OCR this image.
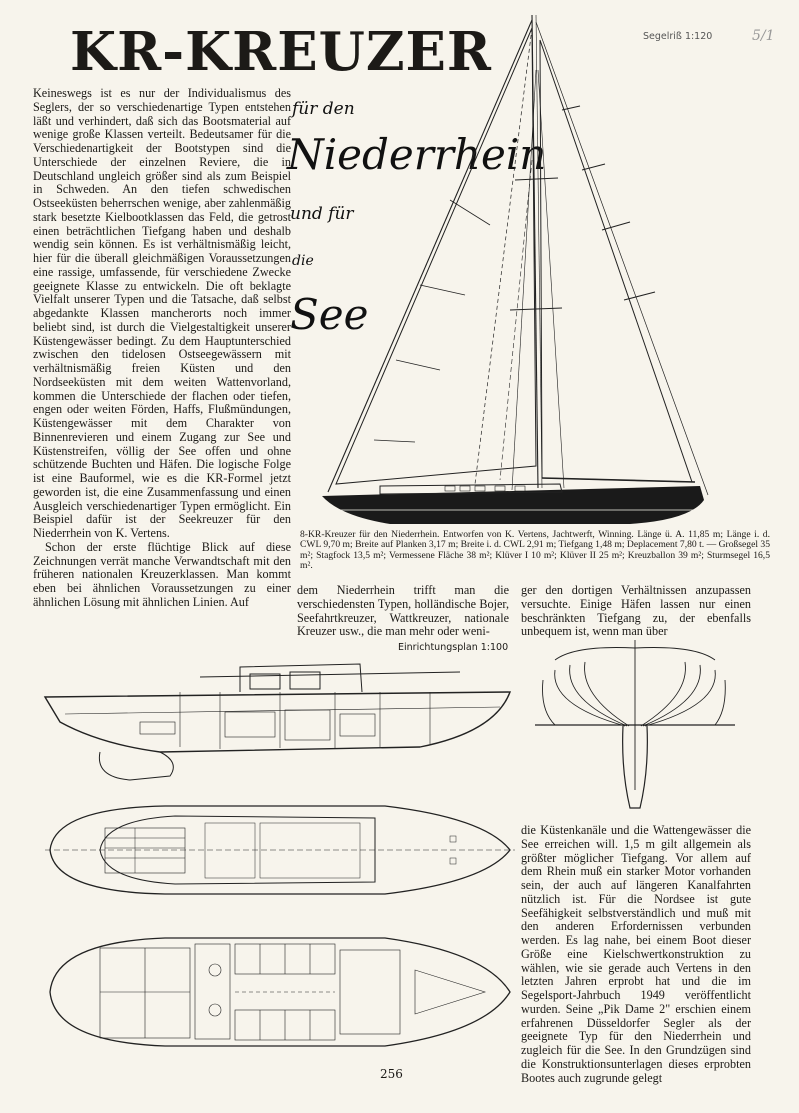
KR-KREUZER	Segelriß 1:120	5/1

Keineswegs ist es nur der Individualismus des Seglers, der so verschiedenartige Typen entstehen läßt und verhindert, daß sich das Bootsmaterial auf wenige große Klassen verteilt. Bedeutsamer für die Verschiedenartigkeit der Bootstypen sind die Unterschiede der einzelnen Reviere, die in Deutschland ungleich größer sind als zum Beispiel in Schweden. An den tiefen schwedischen Ostseeküsten beherrschen wenige, aber zahlenmäßig stark besetzte Kielbootklassen das Feld, die getrost einen beträchtlichen Tiefgang haben und deshalb wendig sein können. Es ist verhältnismäßig leicht, hier für die überall gleichmäßigen Voraussetzungen eine rassige, umfassende, für verschiedene Zwecke geeignete Klasse zu entwickeln. Die oft beklagte Vielfalt unserer Typen und die Tatsache, daß selbst abgedankte Klassen mancherorts noch immer beliebt sind, ist durch die Vielgestaltigkeit unserer Küstengewässer bedingt. Zu dem Hauptunterschied zwischen den tidelosen Ostseegewässern mit verhältnismäßig freien Küsten und den Nordseeküsten mit dem weiten Wattenvorland, kommen die Unterschiede der flachen oder tiefen, engen oder weiten Förden, Haffs, Flußmündungen, Küstengewässer mit dem Charakter von Binnenrevieren und einem Zugang zur See und Küstenstreifen, völlig der See offen und ohne schützende Buchten und Häfen. Die logische Folge ist eine Bauformel, wie es die KR-Formel jetzt geworden ist, die eine Zusammenfassung und einen Ausgleich verschiedenartiger Typen ermöglicht. Ein Beispiel dafür ist der Seekreuzer für den Niederrhein von K. Vertens.

Schon der erste flüchtige Blick auf diese Zeichnungen verrät manche Verwandtschaft mit den früheren nationalen Kreuzerklassen. Man kommt eben bei ähnlichen Voraussetzungen zu einer ähnlichen Lösung mit ähnlichen Linien. Auf

für den
Niederrhein
und für
die
See
8-KR-Kreuzer für den Niederrhein. Entworfen von K. Vertens, Jachtwerft, Winning. Länge ü. A. 11,85 m; Länge i. d. CWL 9,70 m; Breite auf Planken 3,17 m; Breite i. d. CWL 2,91 m; Tiefgang 1,48 m; Deplacement 7,80 t. — Großsegel 35 m²; Stagfock 13,5 m²; Vermessene Fläche 38 m²; Klüver I 10 m²; Klüver II 25 m²; Kreuzballon 39 m²; Sturmsegel 16,5 m².

dem Niederrhein trifft man die verschiedensten Typen, holländische Bojer, Seefahrtkreuzer, Wattkreuzer, nationale Kreuzer usw., die man mehr oder weni-

ger den dortigen Verhältnissen anzupassen versuchte. Einige Häfen lassen nur einen beschränkten Tiefgang zu, der ebenfalls unbequem ist, wenn man über

Einrichtungsplan 1:100

die Küstenkanäle und die Wattengewässer die See erreichen will. 1,5 m gilt allgemein als größter möglicher Tiefgang. Vor allem auf dem Rhein muß ein starker Motor vorhanden sein, der auch auf längeren Kanalfahrten nützlich ist. Für die Nordsee ist gute Seefähigkeit selbstverständlich und muß mit den anderen Erfordernissen verbunden werden. Es lag nahe, bei einem Boot dieser Größe eine Kielschwertkonstruktion zu wählen, wie sie gerade auch Vertens in den letzten Jahren erprobt hat und die im Segelsport-Jahrbuch 1949 veröffentlicht wurden. Seine „Pik Dame 2" erschien einem erfahrenen Düsseldorfer Segler als der geeignete Typ für den Niederrhein und zugleich für die See. In den Grundzügen sind die Konstruktionsunterlagen dieses erprobten Bootes auch zugrunde gelegt

256
